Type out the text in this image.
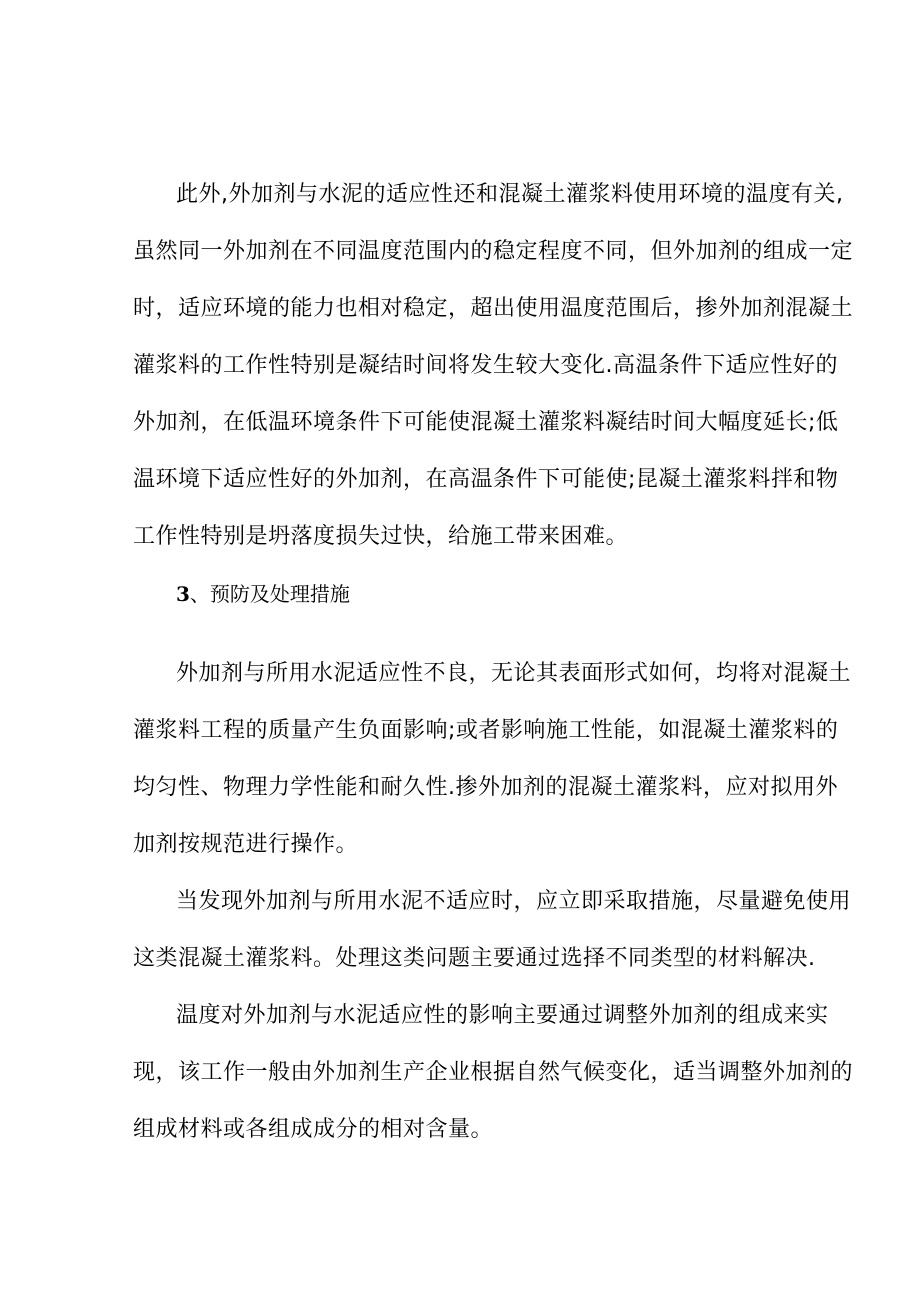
此外,外加剂与水泥的适应性还和混凝土灌浆料使用环境的温度有关,
虽然同一外加剂在不同温度范围内的稳定程度不同，但外加剂的组成一定
时，适应环境的能力也相对稳定，超出使用温度范围后，掺外加剂混凝土
灌浆料的工作性特别是凝结时间将发生较大变化.高温条件下适应性好的
外加剂，在低温环境条件下可能使混凝土灌浆料凝结时间大幅度延长;低
温环境下适应性好的外加剂，在高温条件下可能使;昆凝土灌浆料拌和物
工作性特别是坍落度损失过快，给施工带来困难。
3、预防及处理措施
外加剂与所用水泥适应性不良，无论其表面形式如何，均将对混凝土
灌浆料工程的质量产生负面影响;或者影响施工性能，如混凝土灌浆料的
均匀性、物理力学性能和耐久性.掺外加剂的混凝土灌浆料，应对拟用外
加剂按规范进行操作。
当发现外加剂与所用水泥不适应时，应立即采取措施，尽量避免使用
这类混凝土灌浆料。处理这类问题主要通过选择不同类型的材料解决.
温度对外加剂与水泥适应性的影响主要通过调整外加剂的组成来实
现，该工作一般由外加剂生产企业根据自然气候变化，适当调整外加剂的
组成材料或各组成成分的相对含量。
